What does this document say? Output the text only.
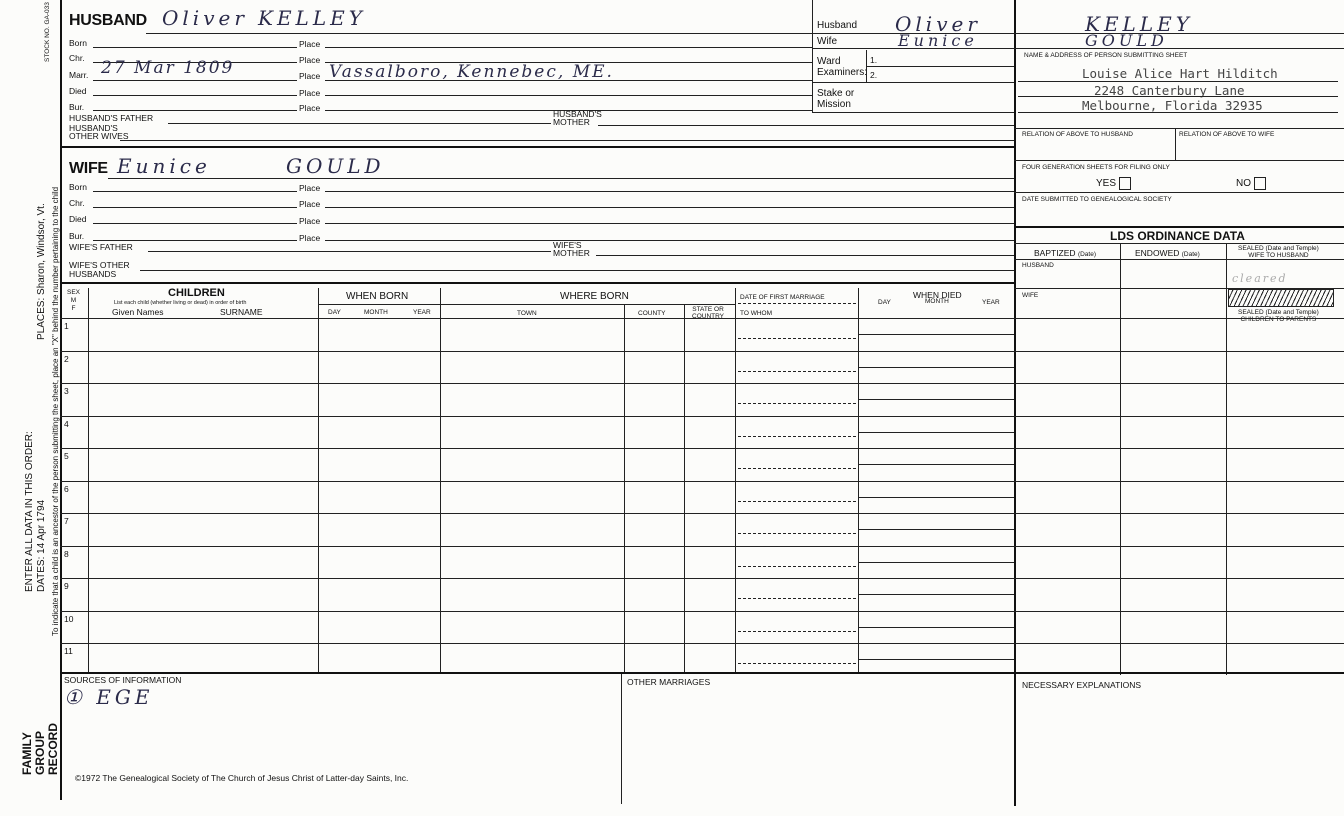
STOCK NO. GA-033
PLACES: Sharon, Windsor, Vt. To indicate that a child is an ancestor of the person submitting the sheet, place an "X" behind the number pertaining to the child
ENTER ALL DATA IN THIS ORDER: DATES: 14 Apr 1794
FAMILY GROUP RECORD
HUSBAND Oliver KELLEY
Born	Place
Chr.	Place
Marr. 27 Mar 1809	Place Vassalboro, Kennebec, ME.
Died	Place
Bur.	Place
HUSBAND'S FATHER	HUSBAND'S
MOTHER
HUSBAND'S
OTHER WIVES
WIFE Eunice	GOULD
Born	Place
Chr.	Place
Died	Place
Bur.	Place
WIFE'S FATHER	WIFE'S
MOTHER
WIFE'S OTHER
HUSBANDS
Husband Oliver	KELLEY
Wife	Eunice	GOULD
Ward
Examiners:
1.
2.
Stake or
Mission
NAME & ADDRESS OF PERSON SUBMITTING SHEET
Louise Alice Hart Hilditch
2248 Canterbury Lane
Melbourne, Florida 32935
RELATION OF ABOVE TO HUSBAND	RELATION OF ABOVE TO WIFE
FOUR GENERATION SHEETS FOR FILING ONLY
YES	NO
DATE SUBMITTED TO GENEALOGICAL SOCIETY
LDS ORDINANCE DATA
BAPTIZED (Date)	ENDOWED (Date)
SEALED (Date and Temple)
WIFE TO HUSBAND
HUSBAND
cleared
WIFE
SEALED (Date and Temple)
CHILDREN TO PARENTS
SEX
M
F
CHILDREN
List each child (whether living or dead) in order of birth
Given Names	SURNAME
WHEN BORN
DAY	MONTH	YEAR
WHERE BORN
TOWN	COUNTY
STATE OR
COUNTRY
DATE OF FIRST MARRIAGE
TO WHOM
WHEN DIED
DAY	MONTH	YEAR
1
2
3
4
5
6
7
8
9
10
11
SOURCES OF INFORMATION
① EGE
OTHER MARRIAGES	NECESSARY EXPLANATIONS
©1972 The Genealogical Society of The Church of Jesus Christ of Latter-day Saints, Inc.
